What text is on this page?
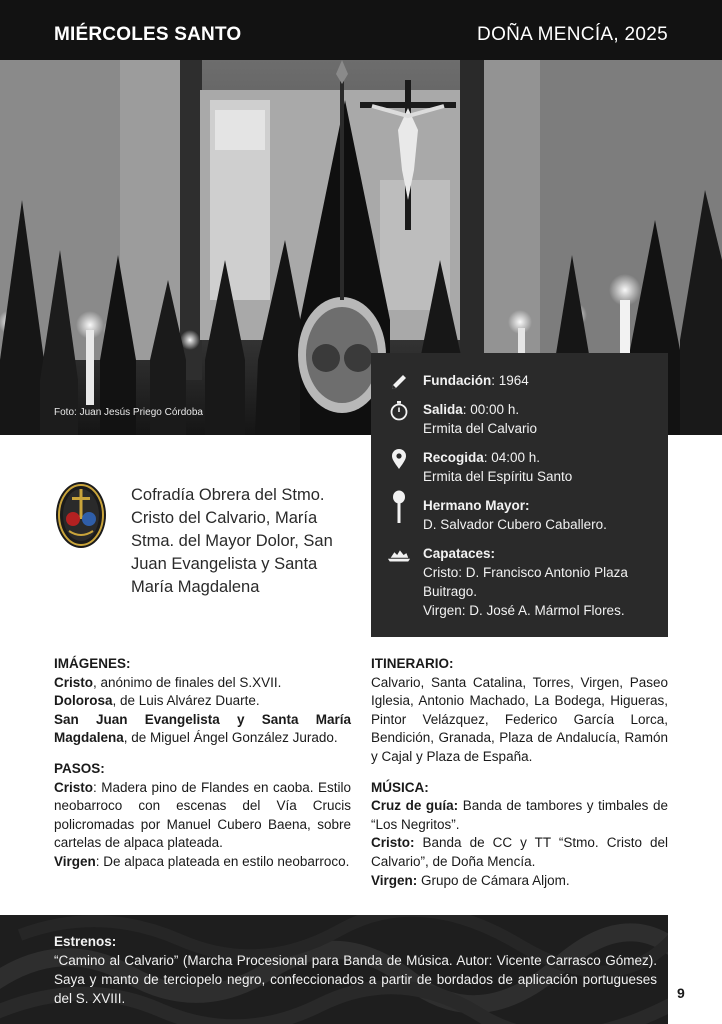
MIÉRCOLES SANTO	DOÑA MENCÍA, 2025
Foto: Juan Jesús Priego Córdoba
Fundación: 1964
Salida: 00:00 h.
Ermita del Calvario
Recogida: 04:00 h.
Ermita del Espíritu Santo
Hermano Mayor:
D. Salvador Cubero Caballero.
Capataces:
Cristo: D. Francisco Antonio Plaza Buitrago.
Virgen: D. José A. Mármol Flores.
Cofradía Obrera del Stmo. Cristo del Calvario, María Stma. del Mayor Dolor, San Juan Evangelista y Santa María Magdalena

IMÁGENES:

Cristo, anónimo de finales del S.XVII.

Dolorosa, de Luis Alvárez Duarte.

San Juan Evangelista y Santa María Magdalena, de Miguel Ángel González Jurado.

PASOS:

Cristo: Madera pino de Flandes en caoba. Estilo neobarroco con escenas del Vía Crucis policromadas por Manuel Cubero Baena, sobre cartelas de alpaca plateada.

Virgen: De alpaca plateada en estilo neobarroco.

ITINERARIO:

Calvario, Santa Catalina, Torres, Virgen, Paseo Iglesia, Antonio Machado, La Bodega, Higueras, Pintor Velázquez, Federico García Lorca, Bendición, Granada, Plaza de Andalucía, Ramón y Cajal y Plaza de España.

MÚSICA:

Cruz de guía: Banda de tambores y timbales de “Los Negritos”.

Cristo: Banda de CC y TT “Stmo. Cristo del Calvario”, de Doña Mencía.

Virgen: Grupo de Cámara Aljom.

Estrenos:
“Camino al Calvario” (Marcha Procesional para Banda de Música. Autor: Vicente Carrasco Gómez). Saya y manto de terciopelo negro, confeccionados a partir de bordados de aplicación portugueses del S. XVIII.	9
